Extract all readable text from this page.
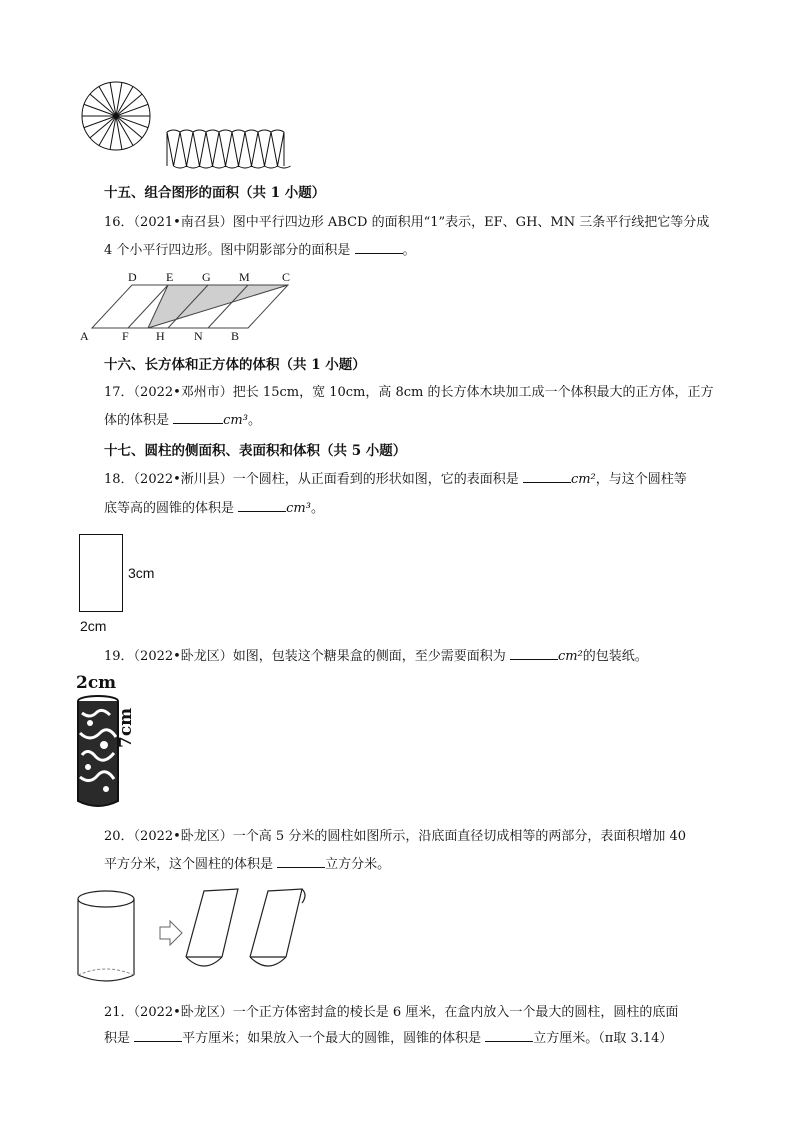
十五、组合图形的面积（共 1 小题）
16．（2021•南召县）图中平行四边形 ABCD 的面积用“1”表示，EF、GH、MN 三条平行线把它等分成
4 个小平行四边形。图中阴影部分的面积是	。
D E G M	C
A	F H N B
十六、长方体和正方体的体积（共 1 小题）
17．（2022•邓州市）把长 15cm，宽 10cm，高 8cm 的长方体木块加工成一个体积最大的正方体，正方
体的体积是	cm³。
十七、圆柱的侧面积、表面积和体积（共 5 小题）
18．（2022•淅川县）一个圆柱，从正面看到的形状如图，它的表面积是	cm²，与这个圆柱等
底等高的圆锥的体积是	cm³。
3cm
2cm
19．（2022•卧龙区）如图，包装这个糖果盒的侧面，至少需要面积为	cm²的包装纸。
2cm
7cm
20．（2022•卧龙区）一个高 5 分米的圆柱如图所示，沿底面直径切成相等的两部分，表面积增加 40
平方分米，这个圆柱的体积是	立方分米。
21．（2022•卧龙区）一个正方体密封盒的棱长是 6 厘米，在盒内放入一个最大的圆柱，圆柱的底面
积是	平方厘米；如果放入一个最大的圆锥，圆锥的体积是	立方厘米。（π取 3.14）
